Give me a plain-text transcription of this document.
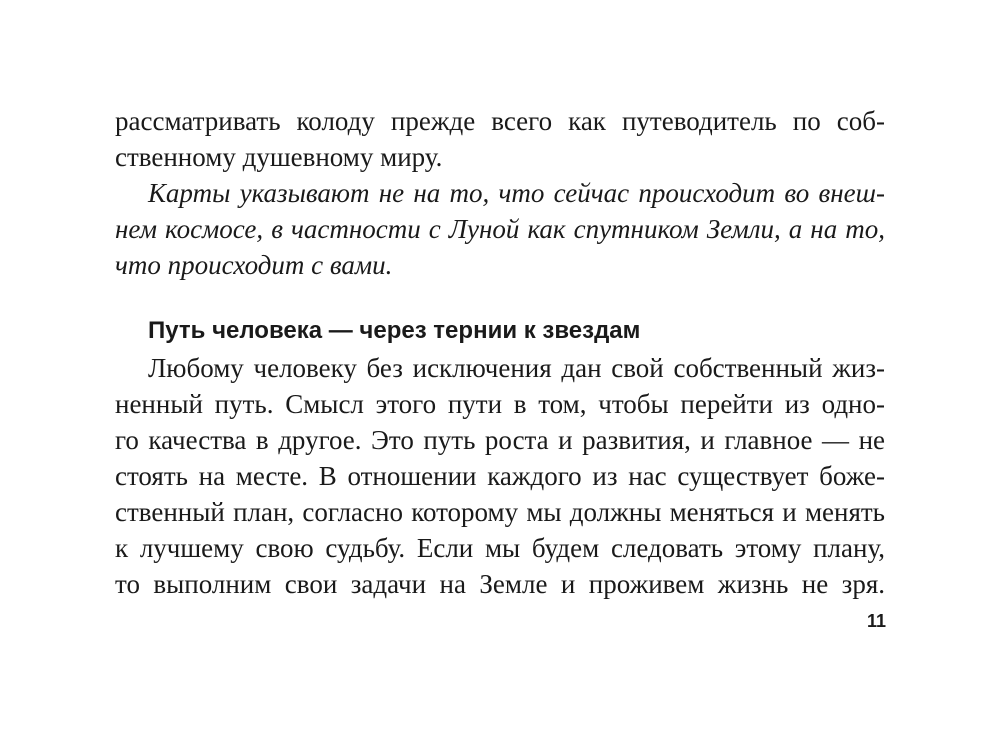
рассматривать колоду прежде всего как путеводитель по соб-
ственному душевному миру.
Карты указывают не на то, что сейчас происходит во внеш-
нем космосе, в частности с Луной как спутником Земли, а на то,
что происходит с вами.
Путь человека — через тернии к звездам
Любому человеку без исключения дан свой собственный жиз-
ненный путь. Смысл этого пути в том, чтобы перейти из одно-
го качества в другое. Это путь роста и развития, и главное — не
стоять на месте. В отношении каждого из нас существует боже-
ственный план, согласно которому мы должны меняться и менять
к лучшему свою судьбу. Если мы будем следовать этому плану,
то выполним свои задачи на Земле и проживем жизнь не зря.
11
